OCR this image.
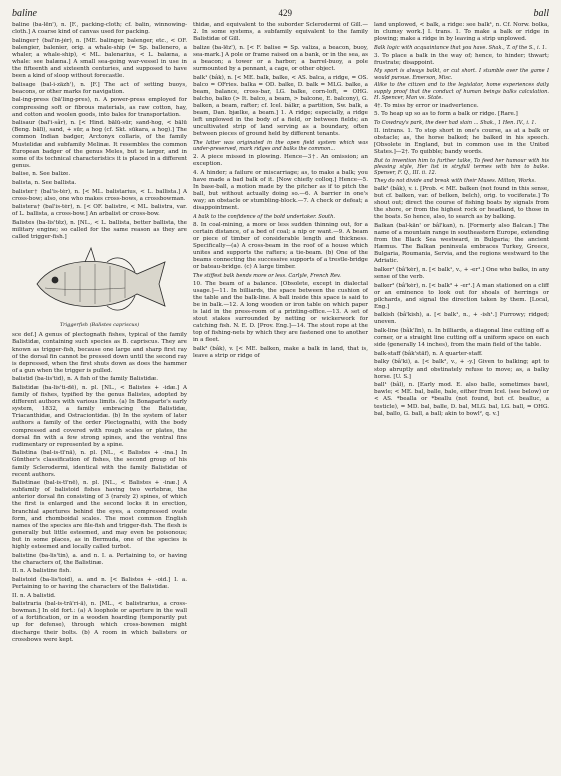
baline	429	ball

baline (ba-lēn'), n. [F., packing-cloth; cf. balin, winnowing-cloth.] A coarse kind of canvas used for packing.

balinger† (bal'in-jėr), n. [ME. balinger, balenger, etc., < OF. balengier, balenier, orig. a whale-ship (= Sp. ballenero, a whaler, a whale-ship), < ML. balenarius, < L. balæna, a whale: see balæna.] A small sea-going war-vessel in use in the fifteenth and sixteenth centuries, and supposed to have been a kind of sloop without forecastle.

balisage (bal-i-zäzh'), n. [F.] The act of setting buoys, beacons, or other marks for navigation.

bal-ing-press (bā'ling-pres), n. A power-press employed for compressing soft or fibrous materials, as raw cotton, hay, and cotton and woolen goods, into bales for transportation.

balisaur (bal'i-sâr), n. [< Hind. bālū-sūr, sand-hog, < bālū (Beng. bālī), sand, + sūr, a hog (cf. Skt. sūkara, a hog).] The common Indian badger, Arctonyx collaris, of the family Mustelidæ and subfamily Melinæ. It resembles the common European badger of the genus Meles, but is larger, and in some of its technical characteristics it is placed in a different genus.

balise, n. See balize.

balista, n. See ballista.

balister† (bal'is-tėr), n. [< ML. balistarius, < L. ballista.] A cross-bow; also, one who makes cross-bows, a crossbowman.

balistera† (bal'is-tėr), n. [< OF. balistre, < ML. balistra, var. of L. ballista, a cross-bow.] An arbalist or cross-bow.

Balistes (ba-lis'tēz), n. [NL., < L. ballista, better ballista, the military engine; so called for the same reason as they are called trigger-fish.]

Triggerfish (Balistes capriscus)

sce def.] A genus of plectognath fishes, typical of the family Balistidæ, containing such species as B. capriscus. They are known as trigger-fish, because one large and sharp first ray of the dorsal fin cannot be pressed down until the second ray is depressed, when the first shuts down as does the hammer of a gun when the trigger is pulled.

balistid (ba-lis'tid), n. A fish of the family Balistidæ.

Balistidæ (ba-lis'ti-dē), n. pl. [NL., < Balistes + -idæ.] A family of fishes, typified by the genus Balistes, adopted by different authors with various limits. (a) In Bonaparte's early system, 1832, a family embracing the Balistidæ, Triacanthidæ, and Ostraciontidæ. (b) In the system of later authors a family of the order Plectognathi, with the body compressed and covered with rough scales or plates, the dorsal fin with a few strong spines, and the ventral fins rudimentary or represented by a spine.

Balistina (bal-is-tī'nä), n. pl. [NL., < Balistes + -ina.] In Günther's classification of fishes, the second group of his family Sclerodermi, identical with the family Balistidæ of recent authors.

Balistinae (bal-is-tī'nē), n. pl. [NL., < Balistes + -inæ.] A subfamily of balistoid fishes having two vertebræ, the anterior dorsal fin consisting of 3 (rarely 2) spines, of which the first is enlarged and the second locks it in erection, branchial apertures behind the eyes, a compressed ovate form, and rhomboidal scales. The most common English names of the species are file-fish and trigger-fish. The flesh is generally but little esteemed, and may even be poisonous; but in some places, as in Bermuda, one of the species is highly esteemed and locally called turbot.

balistine (ba-lis'tin), a. and n. I. a. Pertaining to, or having the characters of, the Balistinæ.

II. n. A balistine fish.

balistoid (ba-lis'toid), a. and n. [< Balistes + -oid.] I. a. Pertaining to or having the characters of the Balistidæ.

II. n. A balistid.

balistraria (bal-is-trā'ri-ä), n. [ML., < balistrarius, a cross-bowman.] In old fort.: (a) A loophole or aperture in the wall of a fortification, or in a wooden hoarding (temporarily put up for defense), through which cross-bowmen might discharge their bolts. (b) A room in which balisters or crossbows were kept.

thidæ, and equivalent to the suborder Sclerodermi of Gill.—2. In some systems, a subfamily equivalent to the family Balistidæ of Gill.

balize (ba-lēz'), n. [< F. balise = Sp. valiza, a beacon, buoy, sea-mark.] A pole or frame raised on a bank, or in the sea, as a beacon; a tower or a harbor; a barrel-buoy, a pole surmounted by a pennant, a cage, or other object.

balk¹ (bâk), n. [< ME. balk, balke, < AS. balca, a ridge, = OS. balco = OFries. balka = OD. balke, D. balk = MLG. balke, a beam, balance, cross-bar, LG. balke, corn-loft, = OHG. balcho, balko (> It. balco, a beam, > balcone, E. balcony), G. balken, a beam, rafter; cf. Icel. bálkr, a partition, Sw. balk, a beam, Dan. bjælke, a beam.] 1. A ridge; especially, a ridge left unplowed in the body of a field, or between fields; an uncultivated strip of land serving as a boundary, often between pieces of ground held by different tenants.

The latter was originated in the open field system which was under-preserved, mark ridges and balks the common...

2. A piece missed in plowing. Hence—3†. An omission; an exception.

4. A hinder; a failure or miscarriage; as, to make a balk; you have made a bad balk of it. [Now chiefly colloq.] Hence—5. In base-ball, a motion made by the pitcher as if to pitch the ball, but without actually doing so.—6. A barrier in one's way; an obstacle or stumbling-block.—7. A check or defeat; a disappointment.

A balk to the confidence of the bold undertaker. South.

8. In coal-mining, a more or less sudden thinning out, for a certain distance, of a bed of coal; a nip or want.—9. A beam or piece of timber of considerable length and thickness. Specifically—(a) A cross-beam in the roof of a house which unites and supports the rafters; a tie-beam. (b) One of the beams connecting the successive supports of a trestle-bridge or bateau-bridge. (c) A large timber.

The stiffest balk bends more or less. Carlyle, French Rev.

10. The beam of a balance. [Obsolete, except in dialectal usage.]—11. In billiards, the space between the cushion of the table and the balk-line. A ball inside this space is said to be in balk.—12. A long wooden or iron table on which paper is laid in the press-room of a printing-office.—13. A set of stout stakes surrounded by netting or wickerwork for catching fish. N. E. D. [Prov. Eng.]—14. The stout rope at the top of fishing-nets by which they are fastened one to another in a fleet.

balk² (bâk), v. [< ME. balken, make a balk in land, that is, leave a strip or ridge of

land unplowed, < balk, a ridge: see balk¹, n. Cf. Norw. bolka, in clumsy work.] I. trans. 1. To make a balk or ridge in plowing; make a ridge in by leaving a strip unplowed.

Balk logic with acquaintance that you have. Shak., T. of the S., i. 1.

3. To place a balk in the way of; hence, to hinder; thwart; frustrate; disappoint.

My sport is always balkt, or cut short. I stumble over the game I would pursue. Emerson, Misc.

Alike to the citizen and to the legislator, home experiences daily supply proof that the conduct of human beings balks calculation. H. Spencer, Man vs. State.

4†. To miss by error or inadvertence.

5. To heap up so as to form a balk or ridge. [Rare.]

To Cowdray's park, the deer had slain ... Shak., 1 Hen. IV., i. 1.

II. intrans. 1. To stop short in one's course, as at a balk or obstacle; as, the horse balked; he balked in his speech. [Obsolete in England, but in common use in the United States.]—2†. To quibble; bandy words.

But to invention him to further talke, To feed her humour with his pleasing style, Her list in stryfull termes with him to balke. Spenser, F. Q., III. ii. 12.

They do not divide and break with their Muses. Milton, Works.

balk³ (bâk), v. i. [Prob. < ME. balken (not found in this sense, but cf. balken, var. of belken, belch), orig. to vociferate.] To shout out; direct the course of fishing boats by signals from the shore, or from the highest rock or headland, to those in the boats. So hence, also, to search as by balking.

Balkan (bal-kän' or bâl'kan), n. [Formerly also Balcan.] The name of a mountain range in southeastern Europe, extending from the Black Sea westward, in Bulgaria; the ancient Hæmus. The Balkan peninsula embraces Turkey, Greece, Bulgaria, Roumania, Servia, and the regions westward to the Adriatic.

balker¹ (bâ'kėr), n. [< balk¹, v., + -er¹.] One who balks, in any sense of the verb.

balker² (bâ'kėr), n. [< balk³ + -er¹.] A man stationed on a cliff or an eminence to look out for shoals of herrings or pilchards, and signal the direction taken by them. [Local, Eng.]

balkish (bâ'kish), a. [< balk¹, n., + -ish¹.] Furrowy; ridged; uneven.

balk-line (bâk'līn), n. In billiards, a diagonal line cutting off a corner, or a straight line cutting off a uniform space on each side (generally 14 inches), from the main field of the table.

balk-staff (bâk'stäf), n. A quarter-staff.

balky (bâ'ki), a. [< balk², v., + -y.] Given to balking; apt to stop abruptly and obstinately refuse to move; as, a balky horse. [U. S.]

ball¹ (bâl), n. [Early mod. E. also balle, sometimes bawl, bawle; < ME. bal, balle, bale, either from Icel. (see below) or < AS. *bealla or *beallu (not found, but cf. bealluc, a testicle), = MD. bal, balle, D. bal, MLG. bal, LG. ball, = OHG. bal, ballo, G. ball, a ball; akin to bowl², q. v.]
